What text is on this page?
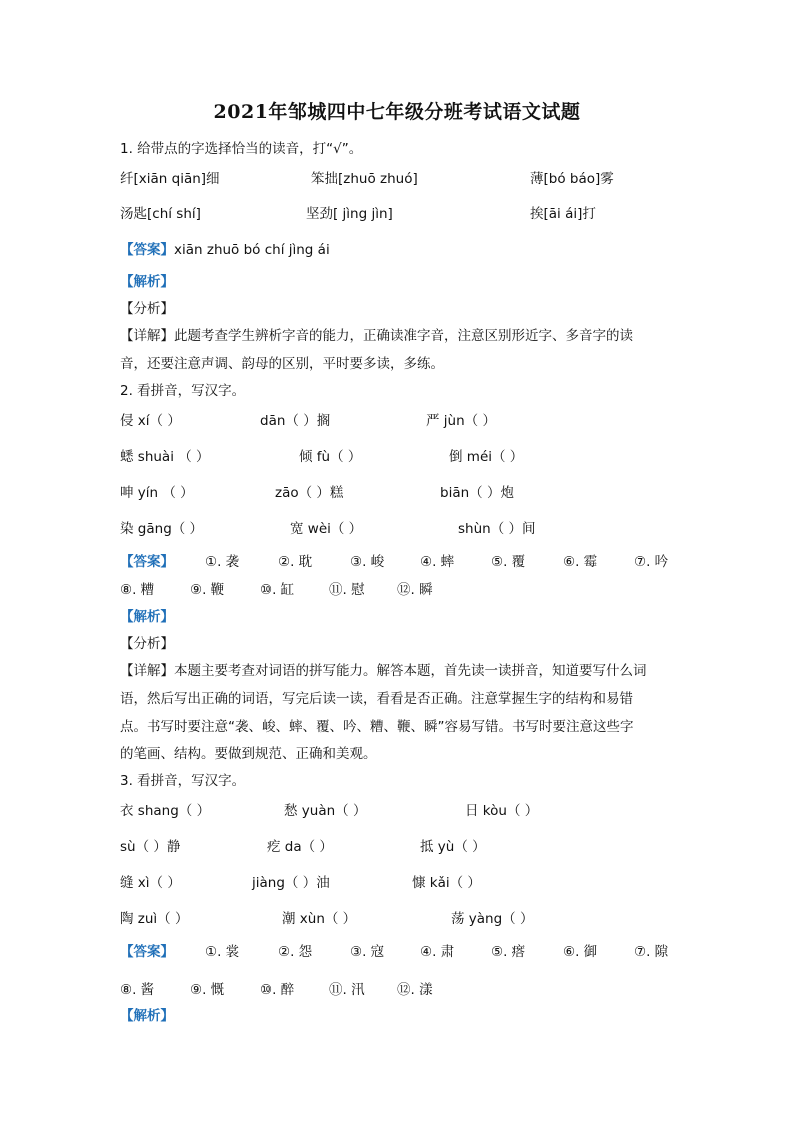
2021年邹城四中七年级分班考试语文试题
1. 给带点的字选择恰当的读音，打“√”。
纤[xiān qiān]细	笨拙[zhuō zhuó]	薄[bó báo]雾
汤匙[chí shí]	坚劲[ jìng jìn]	挨[āi ái]打
【答案】xiān zhuō bó chí jìng ái
【解析】
【分析】
【详解】此题考查学生辨析字音的能力，正确读准字音，注意区别形近字、多音字的读
音，还要注意声调、韵母的区别，平时要多读，多练。
2. 看拼音，写汉字。
侵 xí（ ）	dān（ ）搁	严 jùn（ ）
蟋 shuài （ ）	倾 fù（ ）	倒 méi（ ）
呻 yín （ ）	zāo（ ）糕	biān（ ）炮
染 gāng（ ）	宽 wèi（ ）	shùn（ ）间
【答案】 ①. 袭	②. 耽	③. 峻	④. 蟀	⑤. 覆	⑥. 霉	⑦. 吟
⑧. 糟	⑨. 鞭	⑩. 缸	⑪. 慰 ⑫. 瞬
【解析】
【分析】
【详解】本题主要考查对词语的拼写能力。解答本题，首先读一读拼音，知道要写什么词
语，然后写出正确的词语，写完后读一读，看看是否正确。注意掌握生字的结构和易错
点。书写时要注意“袭、峻、蟀、覆、吟、糟、鞭、瞬”容易写错。书写时要注意这些字
的笔画、结构。要做到规范、正确和美观。
3. 看拼音，写汉字。
衣 shang（ ）	愁 yuàn（ ）	日 kòu（ ）
sù（ ）静	疙 da（ ）	抵 yù（ ）
缝 xì（ ）	jiàng（ ）油	慷 kǎi（ ）
陶 zuì（ ）	潮 xùn（ ）	荡 yàng（ ）
【答案】 ①. 裳	②. 怨	③. 寇	④. 肃	⑤. 瘩	⑥. 御	⑦. 隙
⑧. 酱	⑨. 慨	⑩. 醉	⑪. 汛 ⑫. 漾
【解析】
